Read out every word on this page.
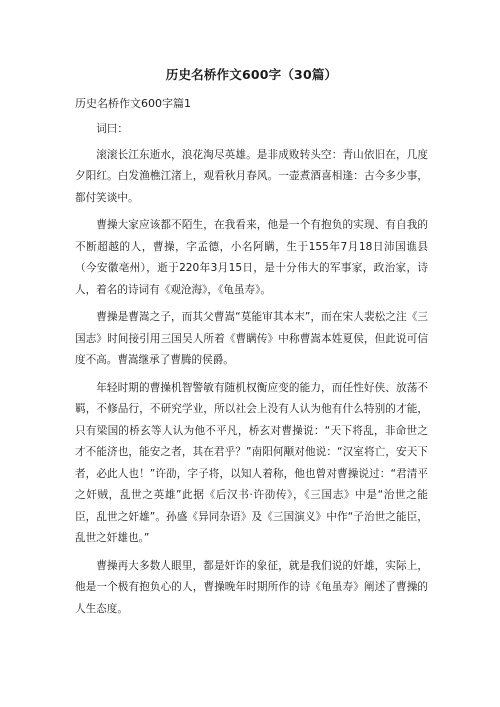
历史名桥作文600字（30篇）
历史名桥作文600字篇1

词曰：

滚滚长江东逝水，浪花淘尽英雄。是非成败转头空：青山依旧在，几度夕阳红。白发渔樵江渚上，观看秋月春风。一壶煮酒喜相逢：古今多少事，都付笑谈中。

曹操大家应该都不陌生，在我看来，他是一个有抱负的实现、有自我的不断超越的人，曹操，字孟德，小名阿瞒，生于155年7月18日沛国谯县（今安徽亳州），逝于220年3月15日，是十分伟大的军事家，政治家，诗人，着名的诗词有《观沧海》，《龟虽寿》。

曹操是曹嵩之子，而其父曹嵩“莫能审其本末”，而在宋人裴松之注《三国志》时间接引用三国吴人所着《曹瞒传》中称曹嵩本姓夏侯，但此说可信度不高。曹嵩继承了曹腾的侯爵。

年轻时期的曹操机智警敏有随机权衡应变的能力，而任性好侠、放荡不羁，不修品行，不研究学业，所以社会上没有人认为他有什么特别的才能，只有梁国的桥玄等人认为他不平凡，桥玄对曹操说：“天下将乱，非命世之才不能济也，能安之者，其在君乎？”南阳何颙对他说：“汉室将亡，安天下者，必此人也！”许劭，字子将，以知人着称，他也曾对曹操说过：“君清平之奸贼，乱世之英雄”此据《后汉书·许劭传》，《三国志》中是“治世之能臣，乱世之奸雄”。孙盛《异同杂语》及《三国演义》中作“子治世之能臣，乱世之奸雄也。”

曹操再大多数人眼里，都是奸诈的象征，就是我们说的奸雄，实际上，他是一个极有抱负心的人，曹操晚年时期所作的诗《龟虽寿》阐述了曹操的人生态度。
